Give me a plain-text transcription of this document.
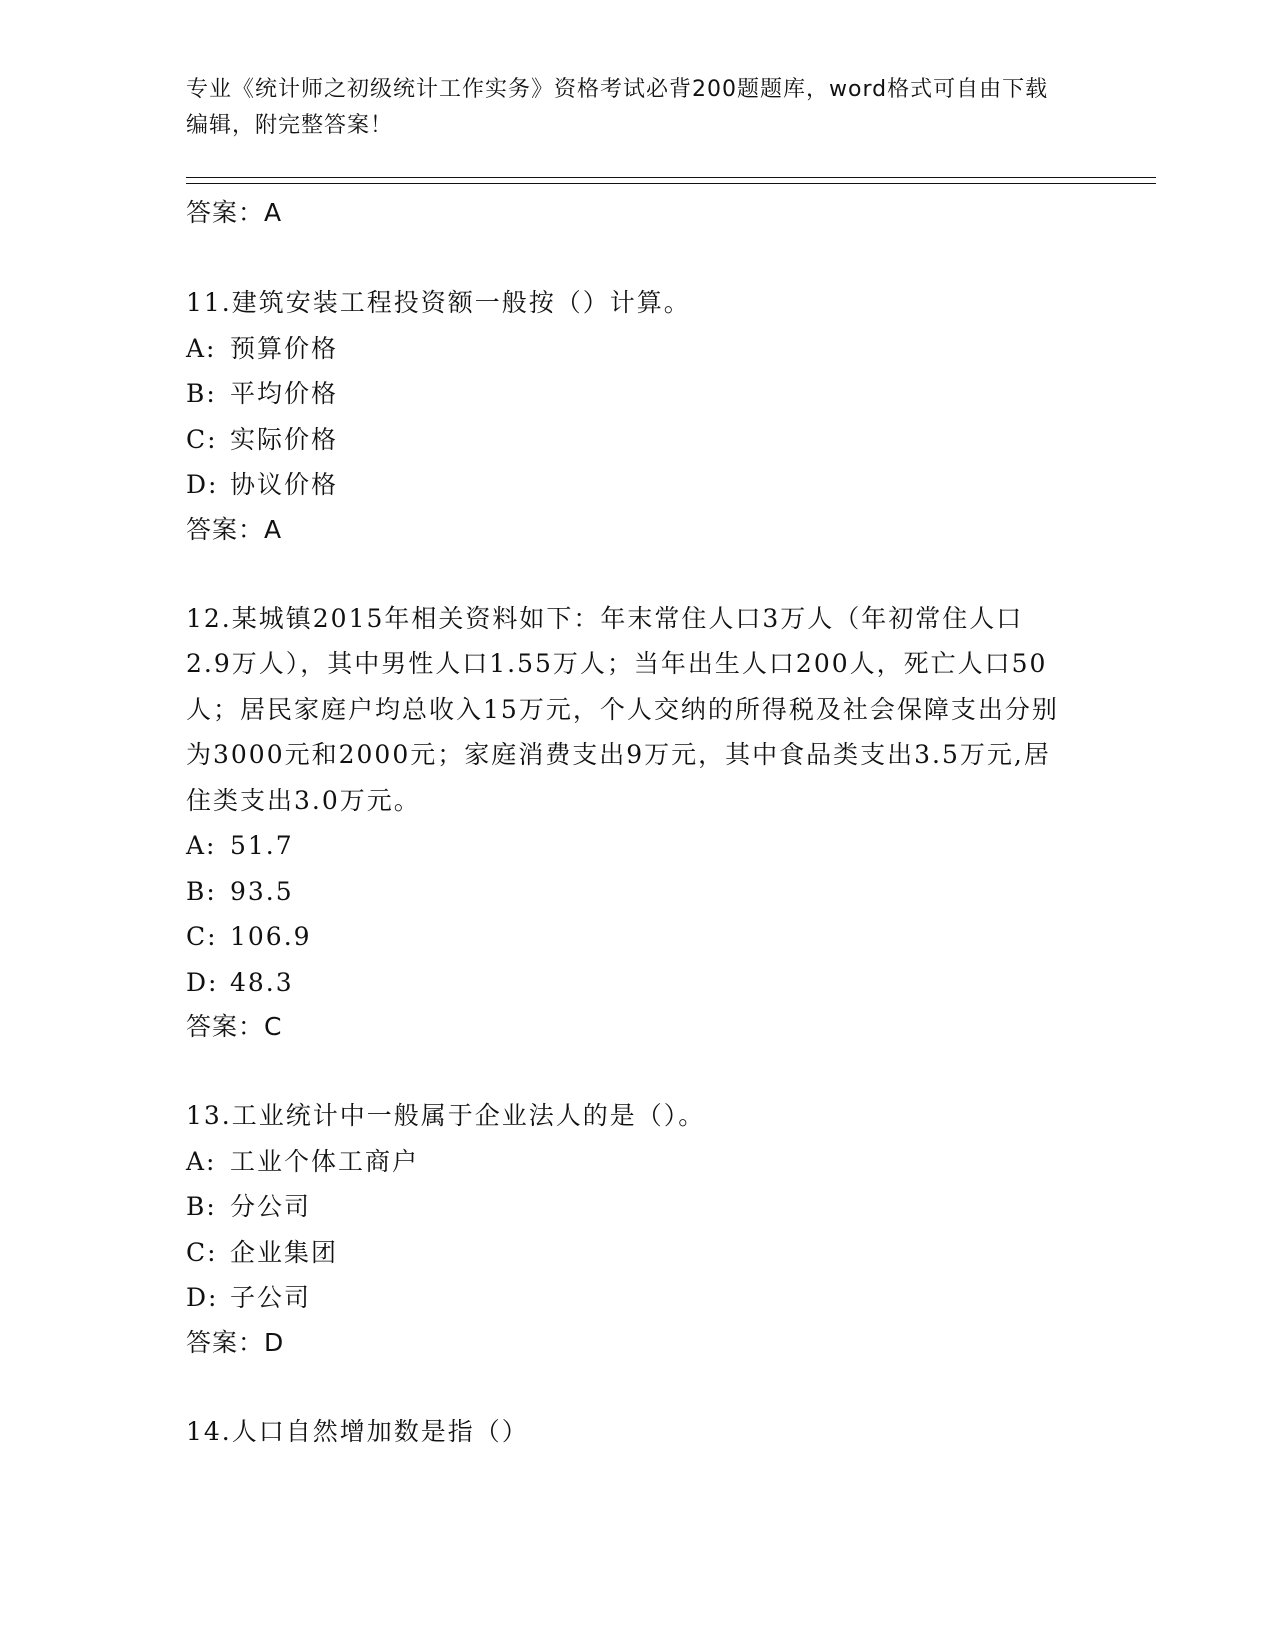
专业《统计师之初级统计工作实务》资格考试必背200题题库，word格式可自由下载编辑，附完整答案！
答案：A
11.建筑安装工程投资额一般按（）计算。
A: 预算价格
B: 平均价格
C: 实际价格
D: 协议价格
答案：A
12.某城镇2015年相关资料如下：年末常住人口3万人（年初常住人口2.9万人），其中男性人口1.55万人；当年出生人口200人，死亡人口50人；居民家庭户均总收入15万元，个人交纳的所得税及社会保障支出分别为3000元和2000元；家庭消费支出9万元，其中食品类支出3.5万元,居住类支出3.0万元。
A: 51.7
B: 93.5
C: 106.9
D: 48.3
答案：C
13.工业统计中一般属于企业法人的是（）。
A: 工业个体工商户
B: 分公司
C: 企业集团
D: 子公司
答案：D
14.人口自然增加数是指（）
